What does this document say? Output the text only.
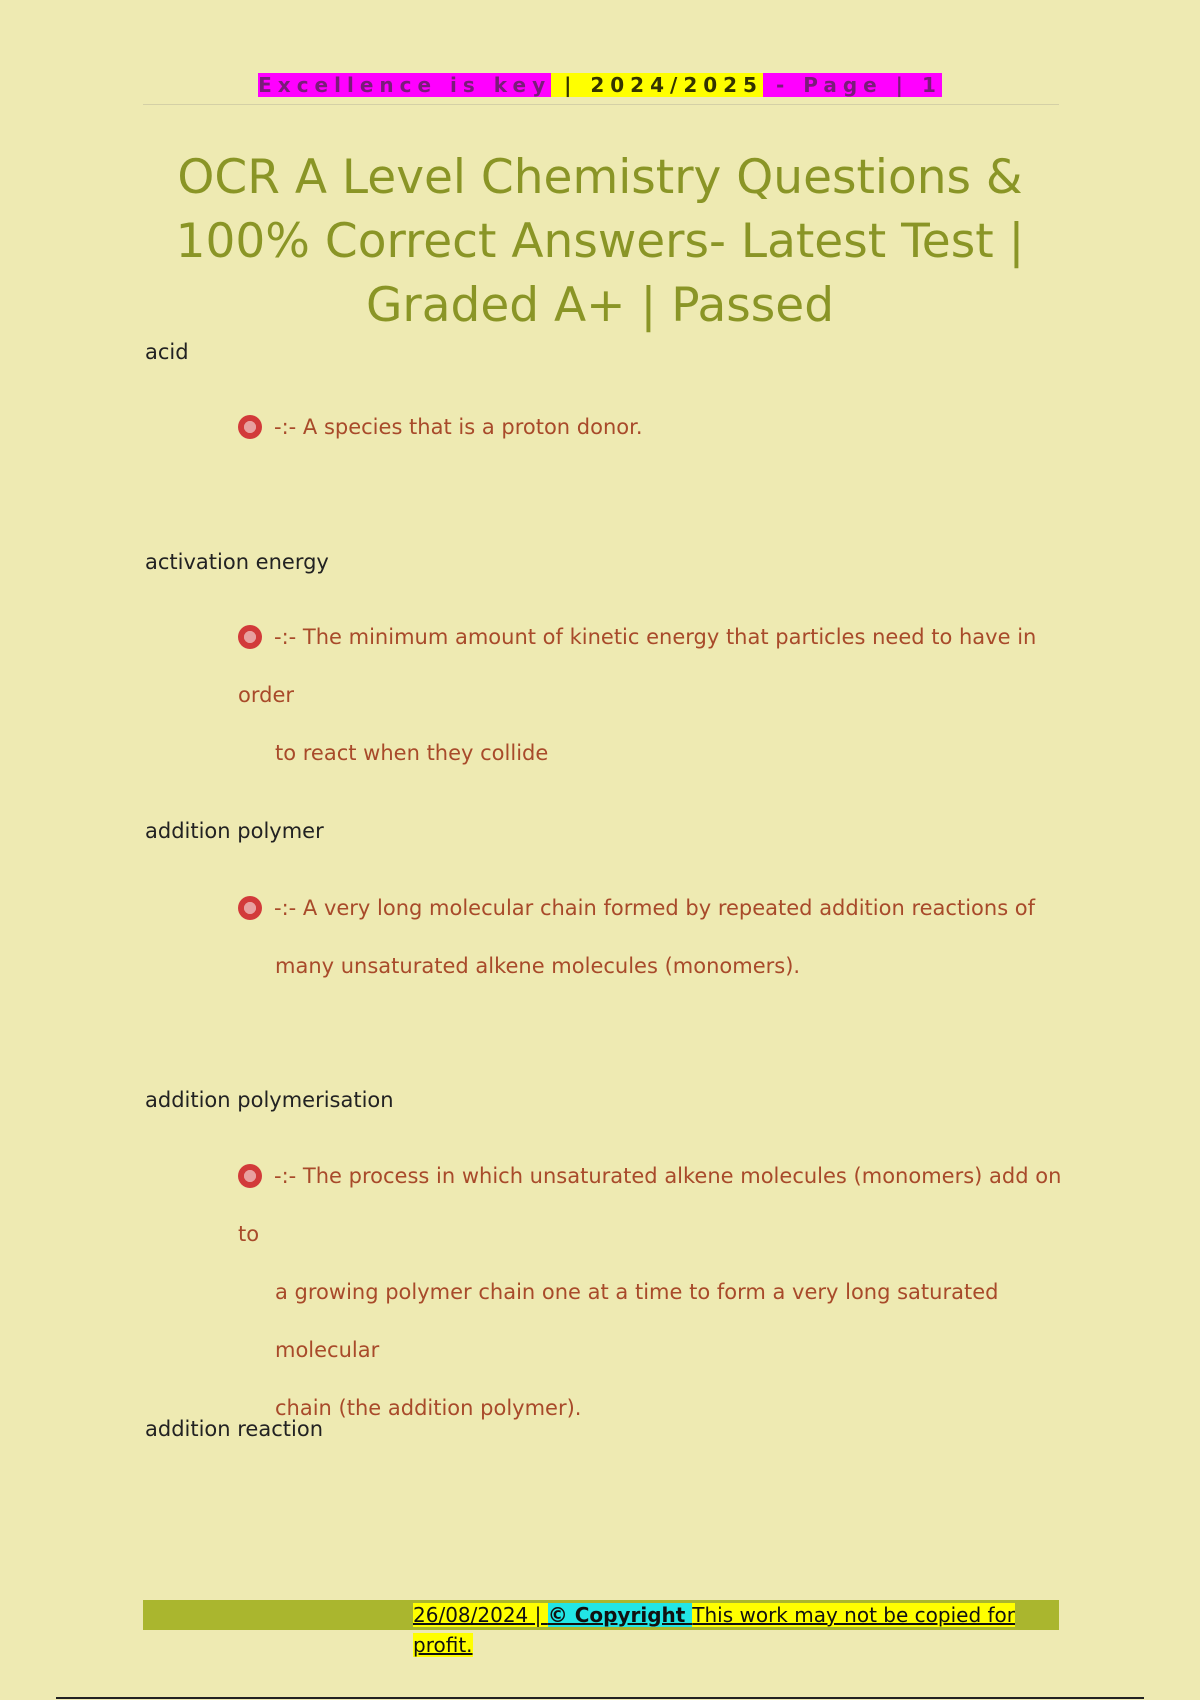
Excellence is key | 2024/2025 - Page | 1
OCR A Level Chemistry Questions & 100% Correct Answers- Latest Test | Graded A+ | Passed
acid
-:- A species that is a proton donor.
activation energy
-:- The minimum amount of kinetic energy that particles need to have in order
to react when they collide
addition polymer
-:- A very long molecular chain formed by repeated addition reactions of
many unsaturated alkene molecules (monomers).
addition polymerisation
-:- The process in which unsaturated alkene molecules (monomers) add on to
a growing polymer chain one at a time to form a very long saturated molecular
chain (the addition polymer).
addition reaction
26/08/2024 | © Copyright This work may not be copied for profit.
